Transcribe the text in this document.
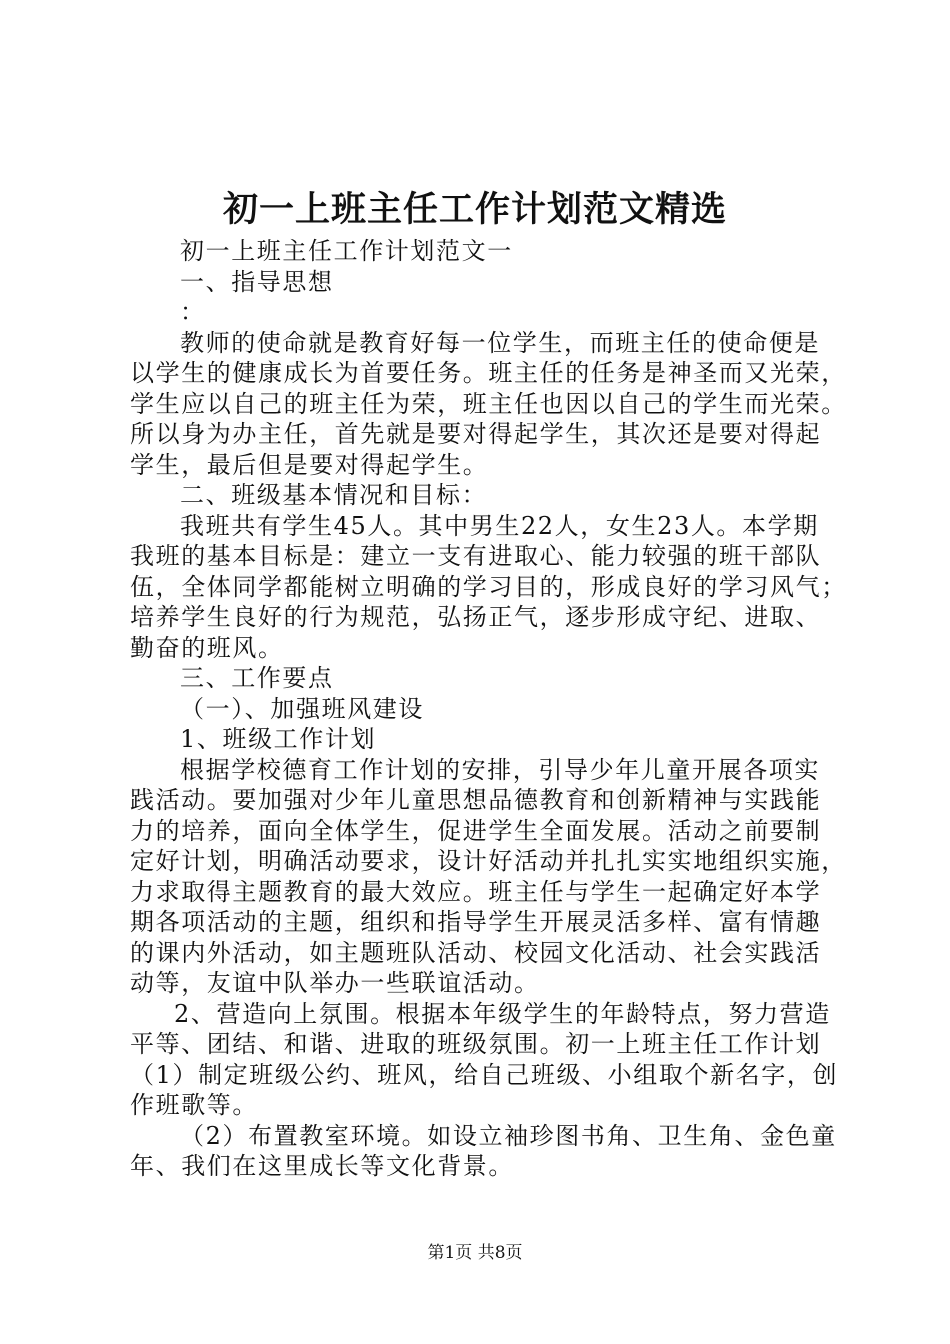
初一上班主任工作计划范文精选
初一上班主任工作计划范文一
一、指导思想
：
教师的使命就是教育好每一位学生，而班主任的使命便是
以学生的健康成长为首要任务。班主任的任务是神圣而又光荣，
学生应以自己的班主任为荣，班主任也因以自己的学生而光荣。
所以身为办主任，首先就是要对得起学生，其次还是要对得起
学生，最后但是要对得起学生。
二、班级基本情况和目标：
我班共有学生45人。其中男生22人，女生23人。本学期
我班的基本目标是：建立一支有进取心、能力较强的班干部队
伍，全体同学都能树立明确的学习目的，形成良好的学习风气；
培养学生良好的行为规范，弘扬正气，逐步形成守纪、进取、
勤奋的班风。
三、工作要点
（一）、加强班风建设
1、班级工作计划
根据学校德育工作计划的安排，引导少年儿童开展各项实
践活动。要加强对少年儿童思想品德教育和创新精神与实践能
力的培养，面向全体学生，促进学生全面发展。活动之前要制
定好计划，明确活动要求，设计好活动并扎扎实实地组织实施，
力求取得主题教育的最大效应。班主任与学生一起确定好本学
期各项活动的主题，组织和指导学生开展灵活多样、富有情趣
的课内外活动，如主题班队活动、校园文化活动、社会实践活
动等，友谊中队举办一些联谊活动。
2、营造向上氛围。根据本年级学生的年龄特点，努力营造
平等、团结、和谐、进取的班级氛围。初一上班主任工作计划
（1）制定班级公约、班风，给自己班级、小组取个新名字，创
作班歌等。
（2）布置教室环境。如设立袖珍图书角、卫生角、金色童
年、我们在这里成长等文化背景。
第1页 共8页
